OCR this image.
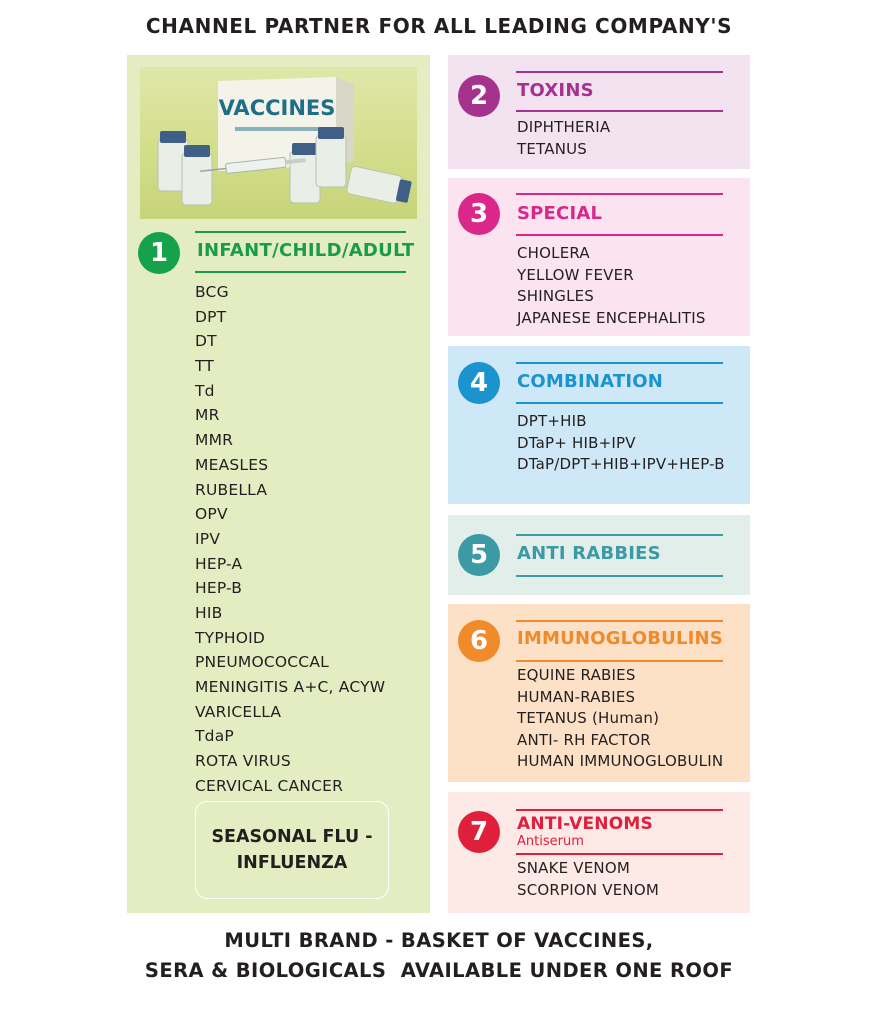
CHANNEL PARTNER FOR ALL LEADING COMPANY'S
VACCINES
1	INFANT/CHILD/ADULT
BCG
DPT
DT
TT
Td
MR
MMR
MEASLES
RUBELLA
OPV
IPV
HEP-A
HEP-B
HIB
TYPHOID
PNEUMOCOCCAL
MENINGITIS A+C, ACYW
VARICELLA
TdaP
ROTA VIRUS
CERVICAL CANCER
SEASONAL FLU -
INFLUENZA
2	TOXINS
DIPHTHERIA
TETANUS
3	SPECIAL
CHOLERA
YELLOW FEVER
SHINGLES
JAPANESE ENCEPHALITIS
4	COMBINATION
DPT+HIB
DTaP+ HIB+IPV
DTaP/DPT+HIB+IPV+HEP-B
5	ANTI RABBIES
6	IMMUNOGLOBULINS
EQUINE RABIES
HUMAN-RABIES
TETANUS (Human)
ANTI- RH FACTOR
HUMAN IMMUNOGLOBULIN
7	ANTI-VENOMS
Antiserum
SNAKE VENOM
SCORPION VENOM
MULTI BRAND - BASKET OF VACCINES,
SERA & BIOLOGICALS  AVAILABLE UNDER ONE ROOF
